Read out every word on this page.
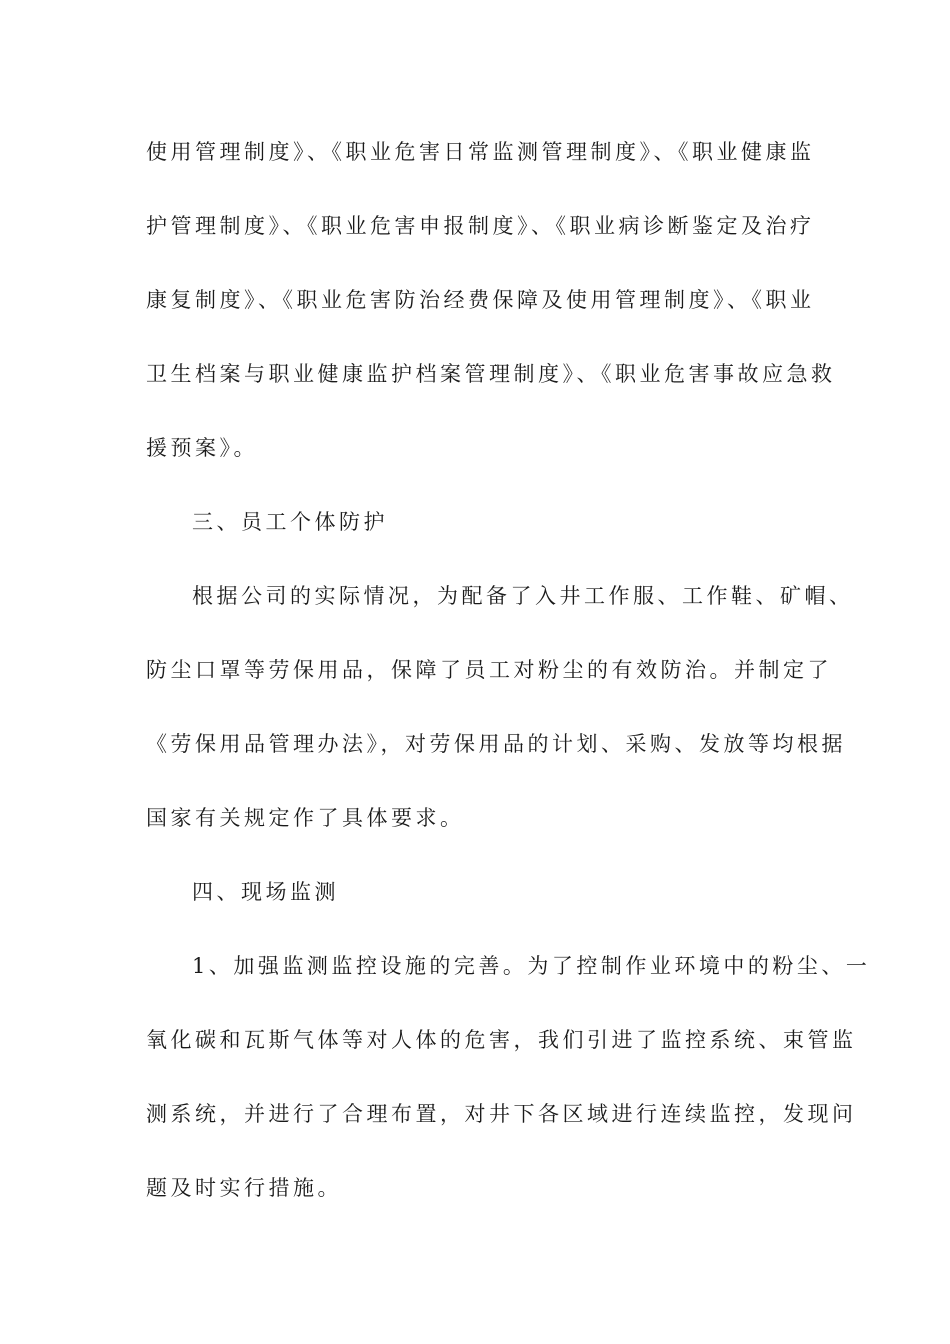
使用管理制度》、《职业危害日常监测管理制度》、《职业健康监
护管理制度》、《职业危害申报制度》、《职业病诊断鉴定及治疗
康复制度》、《职业危害防治经费保障及使用管理制度》、《职业
卫生档案与职业健康监护档案管理制度》、《职业危害事故应急救
援预案》。
三、员工个体防护
根据公司的实际情况，为配备了入井工作服、工作鞋、矿帽、
防尘口罩等劳保用品，保障了员工对粉尘的有效防治。并制定了
《劳保用品管理办法》，对劳保用品的计划、采购、发放等均根据
国家有关规定作了具体要求。
四、现场监测
1、加强监测监控设施的完善。为了控制作业环境中的粉尘、一
氧化碳和瓦斯气体等对人体的危害，我们引进了监控系统、束管监
测系统，并进行了合理布置，对井下各区域进行连续监控，发现问
题及时实行措施。
